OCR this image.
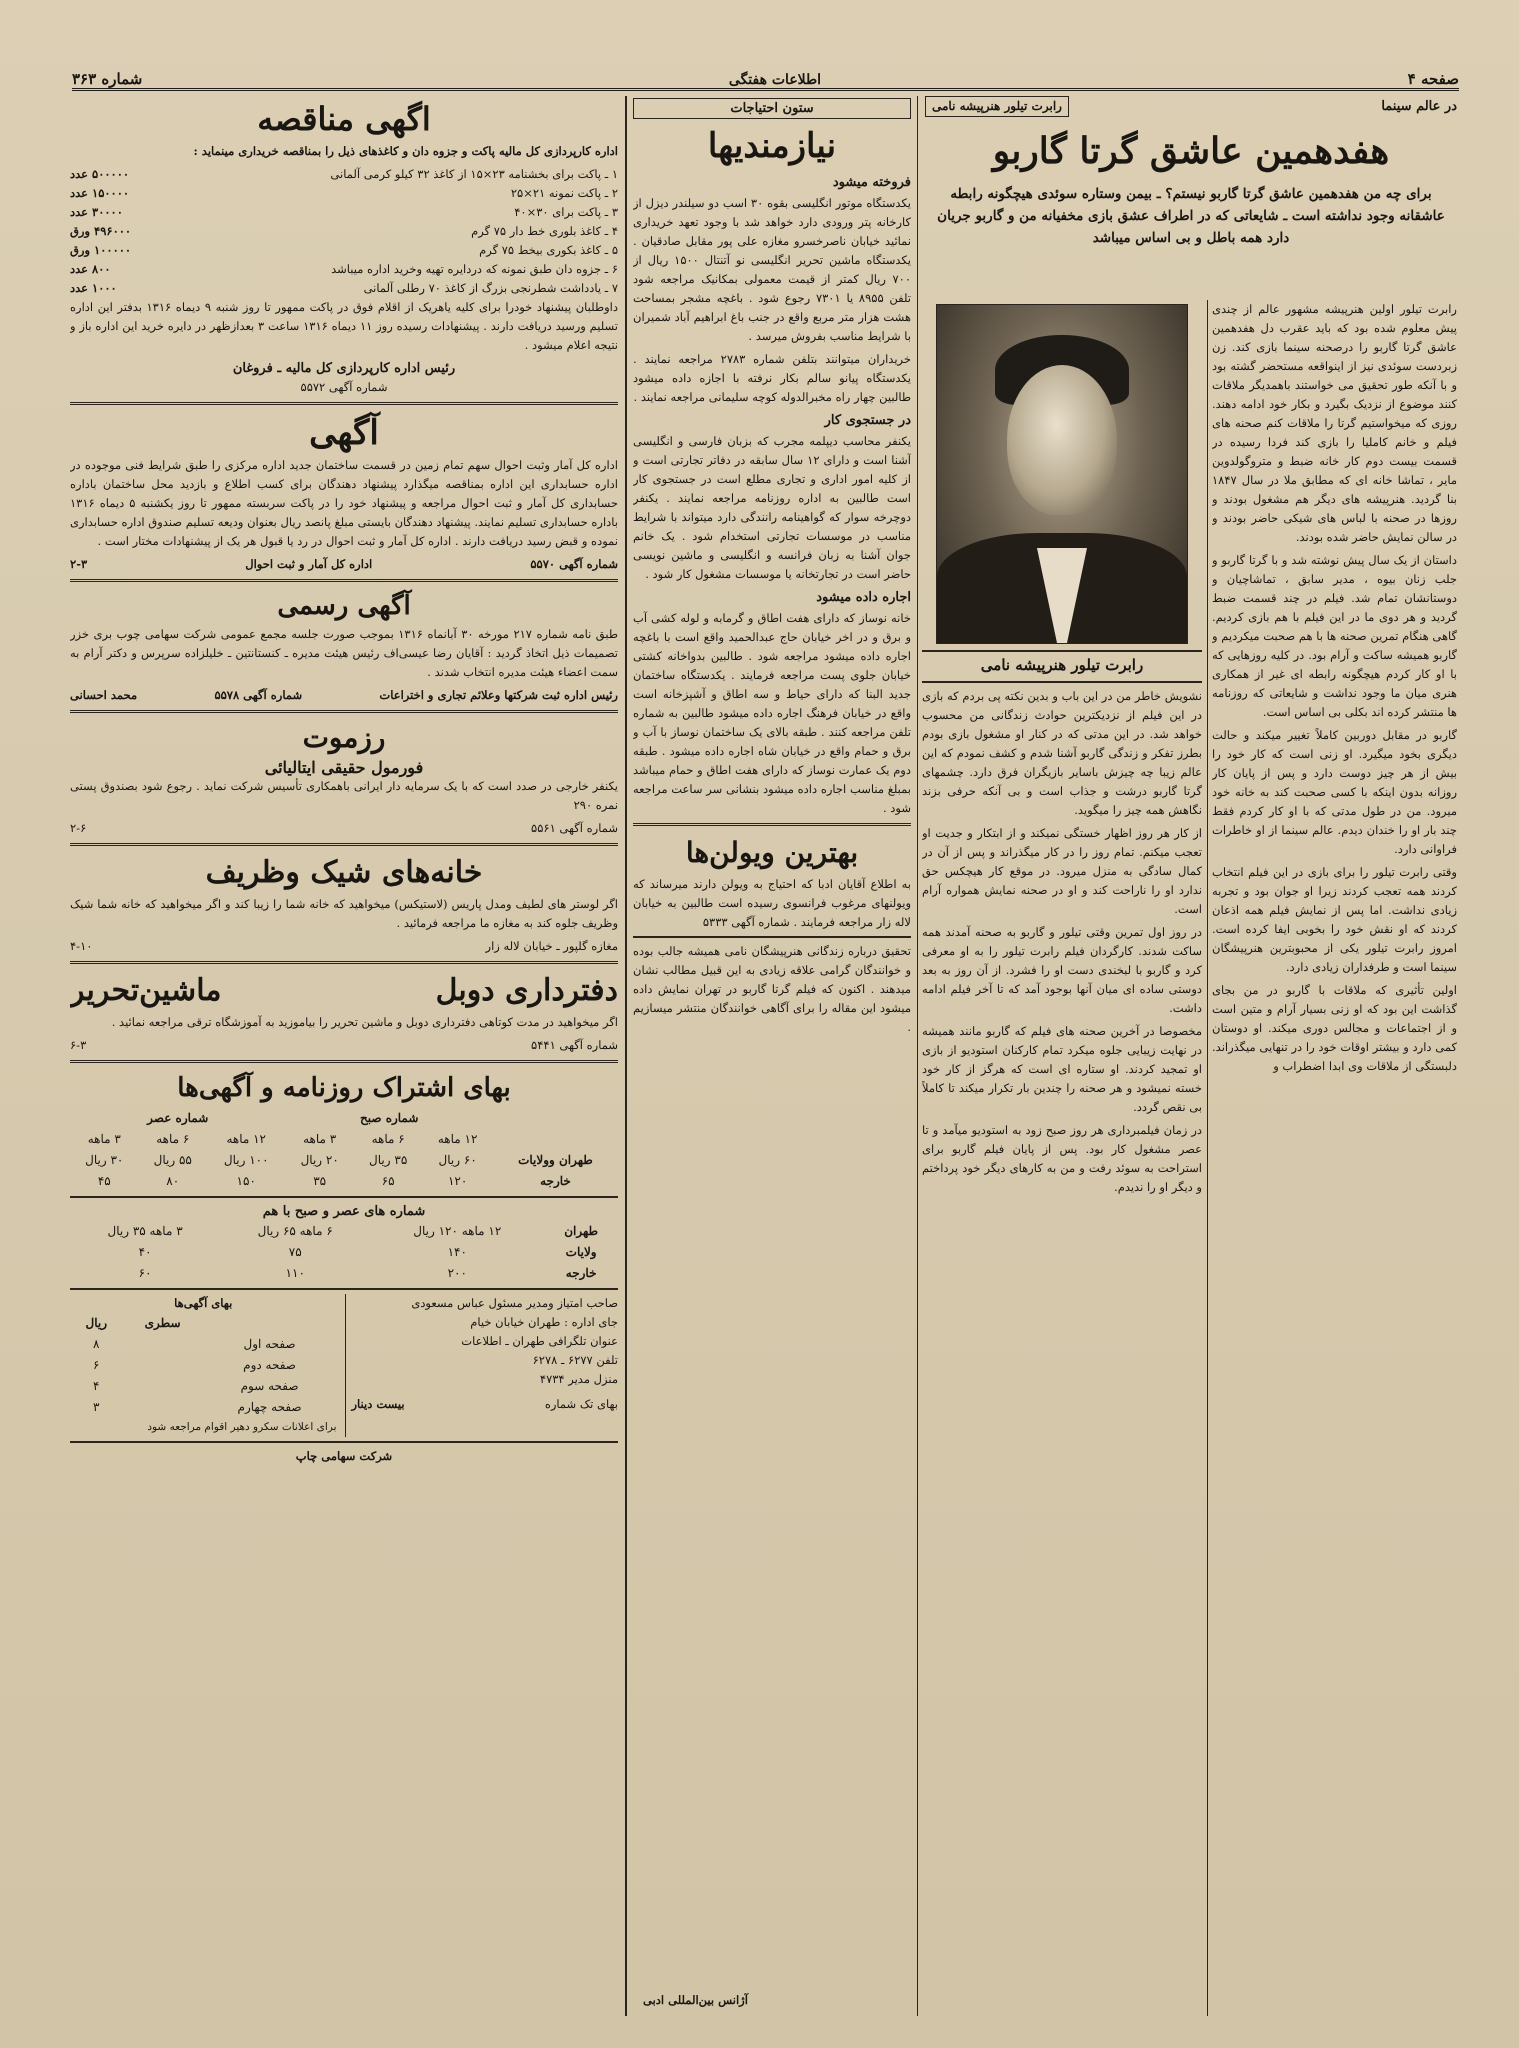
صفحه ۴
اطلاعات هفتگی
شماره ۳۶۳
در عالم سینما
رابرت تیلور هنرپیشه نامی
هفدهمین عاشق گرتا گاربو
برای چه من هفدهمین عاشق گرتا گاربو نیستم؟ ـ بیمن وستاره سوئدی هیچگونه رابطه عاشقانه وجود نداشته است ـ شایعاتی که در اطراف عشق بازی مخفیانه من و گاربو جریان دارد همه باطل و بی اساس میباشد

رابرت تیلور اولین هنرپیشه مشهور عالم از چندی پیش معلوم شده بود که باید عقرب دل هفدهمین عاشق گرتا گاربو را درصحنه سینما بازی کند. زن زبردست سوئدی نیز از اینواقعه مستحضر گشته بود و با آنکه طور تحقیق می خواستند باهمدیگر ملاقات کنند موضوع از نزدیک بگیرد و بکار خود ادامه دهند. روزی که میخواستیم گرتا را ملاقات کنم صحنه های فیلم و خانم کاملیا را بازی کند فردا رسیده در قسمت بیست دوم کار خانه ضبط و متروگولدوین مایر ، تماشا خانه ای که مطابق ملا در سال ۱۸۴۷ بنا گردید. هنرپیشه های دیگر هم مشغول بودند و روزها در صحنه با لباس های شیکی حاضر بودند و در سالن نمایش حاضر شده بودند.

داستان از یک سال پیش نوشته شد و با گرتا گاربو و جلب زنان بیوه ، مدیر سابق ، تماشاچیان و دوستانشان تمام شد. فیلم در چند قسمت ضبط گردید و هر دوی ما در این فیلم با هم بازی کردیم. گاهی هنگام تمرین صحنه ها با هم صحبت میکردیم و گاربو همیشه ساکت و آرام بود. در کلیه روزهایی که با او کار کردم هیچگونه رابطه ای غیر از همکاری هنری میان ما وجود نداشت و شایعاتی که روزنامه ها منتشر کرده اند بکلی بی اساس است.

گاربو در مقابل دوربین کاملاً تغییر میکند و حالت دیگری بخود میگیرد. او زنی است که کار خود را بیش از هر چیز دوست دارد و پس از پایان کار روزانه بدون اینکه با کسی صحبت کند به خانه خود میرود. من در طول مدتی که با او کار کردم فقط چند بار او را خندان دیدم. عالم سینما از او خاطرات فراوانی دارد.

وقتی رابرت تیلور را برای بازی در این فیلم انتخاب کردند همه تعجب کردند زیرا او جوان بود و تجربه زیادی نداشت. اما پس از نمایش فیلم همه اذعان کردند که او نقش خود را بخوبی ایفا کرده است. امروز رابرت تیلور یکی از محبوبترین هنرپیشگان سینما است و طرفداران زیادی دارد.

اولین تأثیری که ملاقات با گاربو در من بجای گذاشت این بود که او زنی بسیار آرام و متین است و از اجتماعات و مجالس دوری میکند. او دوستان کمی دارد و بیشتر اوقات خود را در تنهایی میگذراند. دلبستگی از ملاقات وی ابدا اضطراب و

رابرت تیلور هنرپیشه نامی

نشویش خاطر من در این باب و بدین نکته پی بردم که بازی در این فیلم از نزدیکترین حوادث زندگانی من محسوب خواهد شد. در این مدتی که در کنار او مشغول بازی بودم بطرز تفکر و زندگی گاربو آشنا شدم و کشف نمودم که این عالم زیبا چه چیزش باسایر بازیگران فرق دارد. چشمهای گرتا گاربو درشت و جذاب است و بی آنکه حرفی بزند نگاهش همه چیز را میگوید.

از کار هر روز اظهار خستگی نمیکند و از ابتکار و جدیت او تعجب میکنم. تمام روز را در کار میگذراند و پس از آن در کمال سادگی به منزل میرود. در موقع کار هیچکس حق ندارد او را ناراحت کند و او در صحنه نمایش همواره آرام است.

در روز اول تمرین وقتی تیلور و گاربو به صحنه آمدند همه ساکت شدند. کارگردان فیلم رابرت تیلور را به او معرفی کرد و گاربو با لبخندی دست او را فشرد. از آن روز به بعد دوستی ساده ای میان آنها بوجود آمد که تا آخر فیلم ادامه داشت.

مخصوصا در آخرین صحنه های فیلم که گاربو مانند همیشه در نهایت زیبایی جلوه میکرد تمام کارکنان استودیو از بازی او تمجید کردند. او ستاره ای است که هرگز از کار خود خسته نمیشود و هر صحنه را چندین بار تکرار میکند تا کاملاً بی نقص گردد.

در زمان فیلمبرداری هر روز صبح زود به استودیو میآمد و تا عصر مشغول کار بود. پس از پایان فیلم گاربو برای استراحت به سوئد رفت و من به کارهای دیگر خود پرداختم و دیگر او را ندیدم.

ستون احتیاجات
نیازمندیها
فروخته میشود

یکدستگاه موتور انگلیسی بقوه ۳۰ اسب دو سیلندر دیزل از کارخانه پتر ورودی دارد خواهد شد با وجود تعهد خریداری نمائید خیابان ناصرخسرو مغازه علی پور مقابل صادقیان . یکدستگاه ماشین تحریر انگلیسی نو آتنتال ۱۵۰۰ ریال از ۷۰۰ ریال کمتر از قیمت معمولی بمکانیک مراجعه شود تلفن ۸۹۵۵ یا ۷۳۰۱ رجوع شود . باغچه مشجر بمساحت هشت هزار متر مربع واقع در جنب باغ ابراهیم آباد شمیران با شرایط مناسب بفروش میرسد .

خریداران میتوانند بتلفن شماره ۲۷۸۳ مراجعه نمایند . یکدستگاه پیانو سالم بکار نرفته با اجازه داده میشود طالبین چهار راه مخبرالدوله کوچه سلیمانی مراجعه نمایند .

در جستجوی کار

یکنفر محاسب دیپلمه مجرب که بزبان فارسی و انگلیسی آشنا است و دارای ۱۲ سال سابقه در دفاتر تجارتی است و از کلیه امور اداری و تجاری مطلع است در جستجوی کار است طالبین به اداره روزنامه مراجعه نمایند . یکنفر دوچرخه سوار که گواهینامه رانندگی دارد میتواند با شرایط مناسب در موسسات تجارتی استخدام شود . یک خانم جوان آشنا به زبان فرانسه و انگلیسی و ماشین نویسی حاضر است در تجارتخانه یا موسسات مشغول کار شود .

اجاره داده میشود

خانه نوساز که دارای هفت اطاق و گرمابه و لوله کشی آب و برق و در اخر خیابان حاج عبدالحمید واقع است با باغچه اجاره داده میشود مراجعه شود . طالبین بدواخانه کشتی خیابان جلوی پست مراجعه فرمایند . یکدستگاه ساختمان جدید البنا که دارای حیاط و سه اطاق و آشپزخانه است واقع در خیابان فرهنگ اجاره داده میشود طالبین به شماره تلفن مراجعه کنند . طبقه بالای یک ساختمان نوساز با آب و برق و حمام واقع در خیابان شاه اجاره داده میشود . طبقه دوم یک عمارت نوساز که دارای هفت اطاق و حمام میباشد بمبلغ مناسب اجاره داده میشود بنشانی سر ساعت مراجعه شود .

بهترین ویولن‌ها

به اطلاع آقایان ادبا که احتیاج به ویولن دارند میرساند که ویولنهای مرغوب فرانسوی رسیده است طالبین به خیابان لاله زار مراجعه فرمایند . شماره آگهی ۵۳۳۳

تحقیق درباره زندگانی هنرپیشگان نامی همیشه جالب بوده و خوانندگان گرامی علاقه زیادی به این قبیل مطالب نشان میدهند . اکنون که فیلم گرتا گاربو در تهران نمایش داده میشود این مقاله را برای آگاهی خوانندگان منتشر میسازیم .

آژانس بین‌المللی ادبی
اگهی مناقصه

اداره کارپردازی کل مالیه پاکت و جزوه دان و کاغذهای ذیل را بمناقصه خریداری مینماید :

۱ ـ پاکت برای بخشنامه ۲۳×۱۵ از کاغذ ۳۲ کیلو کرمی آلمانی
۵۰۰۰۰۰ عدد
۲ ـ پاکت نمونه ۲۱×۲۵
۱۵۰۰۰۰ عدد
۳ ـ پاکت برای ۳۰×۴۰
۳۰۰۰۰ عدد
۴ ـ کاغذ بلوری خط دار ۷۵ گرم
۴۹۶۰۰۰ ورق
۵ ـ کاغذ بکوری بیخط ۷۵ گرم
۱۰۰۰۰۰ ورق
۶ ـ جزوه دان طبق نمونه که دردایره تهیه وخرید اداره میباشد
۸۰۰ عدد
۷ ـ یادداشت شطرنجی بزرگ از کاغذ ۷۰ رطلی آلمانی
۱۰۰۰ عدد

داوطلبان پیشنهاد خودرا برای کلیه یاهریک از اقلام فوق در پاکت ممهور تا روز شنبه ۹ دیماه ۱۳۱۶ بدفتر این اداره تسلیم ورسید دریافت دارند . پیشنهادات رسیده روز ۱۱ دیماه ۱۳۱۶ ساعت ۳ بعدازظهر در دایره خرید این اداره باز و نتیجه اعلام میشود .

رئیس اداره کارپردازی کل مالیه ـ فروغان
شماره آگهی ۵۵۷۲
آگهی

اداره کل آمار وثبت احوال سهم تمام زمین در قسمت ساختمان جدید اداره مرکزی را طبق شرایط فنی موجوده در اداره حسابداری این اداره بمناقصه میگذارد پیشنهاد دهندگان برای کسب اطلاع و بازدید محل ساختمان باداره حسابداری کل آمار و ثبت احوال مراجعه و پیشنهاد خود را در پاکت سربسته ممهور تا روز یکشنبه ۵ دیماه ۱۳۱۶ باداره حسابداری تسلیم نمایند. پیشنهاد دهندگان بایستی مبلغ پانصد ریال بعنوان ودیعه تسلیم صندوق اداره حسابداری نموده و قبض رسید دریافت دارند . اداره کل آمار و ثبت احوال در رد یا قبول هر یک از پیشنهادات مختار است .

شماره آگهی ۵۵۷۰
اداره کل آمار و ثبت احوال
۲-۳
آگهی رسمی

طبق نامه شماره ۲۱۷ مورخه ۳۰ آبانماه ۱۳۱۶ بموجب صورت جلسه مجمع عمومی شرکت سهامی چوب بری خزر تصمیمات ذیل اتخاذ گردید : آقایان رضا عیسی‌اف رئیس هیئت مدیره ـ کنستانتین ـ خلیلزاده سرپرس و دکتر آرام به سمت اعضاء هیئت مدیره انتخاب شدند .

رئیس اداره ثبت شرکتها وعلائم تجاری و اختراعات
شماره آگهی ۵۵۷۸
محمد احسانی
رزموت
فورمول حقیقی ایتالیائی

یکنفر خارجی در صدد است که با یک سرمایه دار ایرانی باهمکاری تأسیس شرکت نماید . رجوع شود بصندوق پستی نمره ۲۹۰

شماره آگهی ۵۵۶۱
۲-۶
خانه‌های شیک وظریف

اگر لوستر های لطیف ومدل پاریس (لاستیکس) میخواهید که خانه شما را زیبا کند و اگر میخواهید که خانه شما شیک وظریف جلوه کند به مغازه ما مراجعه فرمائید .

مغازه گلپور ـ خیابان لاله زار
۴-۱۰
دفترداری دوبل
ماشین‌تحریر

اگر میخواهید در مدت کوتاهی دفترداری دوبل و ماشین تحریر را بیاموزید به آموزشگاه ترقی مراجعه نمائید .

شماره آگهی ۵۴۴۱
۶-۳
بهای اشتراک روزنامه و آگهی‌ها
	شماره صبح			شماره عصر		
	۱۲ ماهه	۶ ماهه	۳ ماهه	۱۲ ماهه	۶ ماهه	۳ ماهه
طهران وولایات	۶۰ ریال	۳۵ ریال	۲۰ ریال	۱۰۰ ریال	۵۵ ریال	۳۰ ریال
خارجه	۱۲۰	۶۵	۳۵	۱۵۰	۸۰	۴۵
شماره های عصر و صبح با هم
طهران	۱۲ ماهه ۱۲۰ ریال	۶ ماهه ۶۵ ریال	۳ ماهه ۳۵ ریال
ولایات	۱۴۰	۷۵	۴۰
خارجه	۲۰۰	۱۱۰	۶۰
صاحب امتیاز ومدیر مسئول عباس مسعودی
جای اداره : طهران خیابان خیام
عنوان تلگرافی طهران ـ اطلاعات
تلفن ۶۲۷۷ ـ ۶۲۷۸
منزل مدیر ۴۷۳۴
بهای تک شماره
بیست دینار
بهای آگهی‌ها
	سطری	ریال
صفحه اول		۸
صفحه دوم		۶
صفحه سوم		۴
صفحه چهارم		۳
برای اعلانات سکرو دهیر اقوام مراجعه شود
شرکت سهامی چاپ
